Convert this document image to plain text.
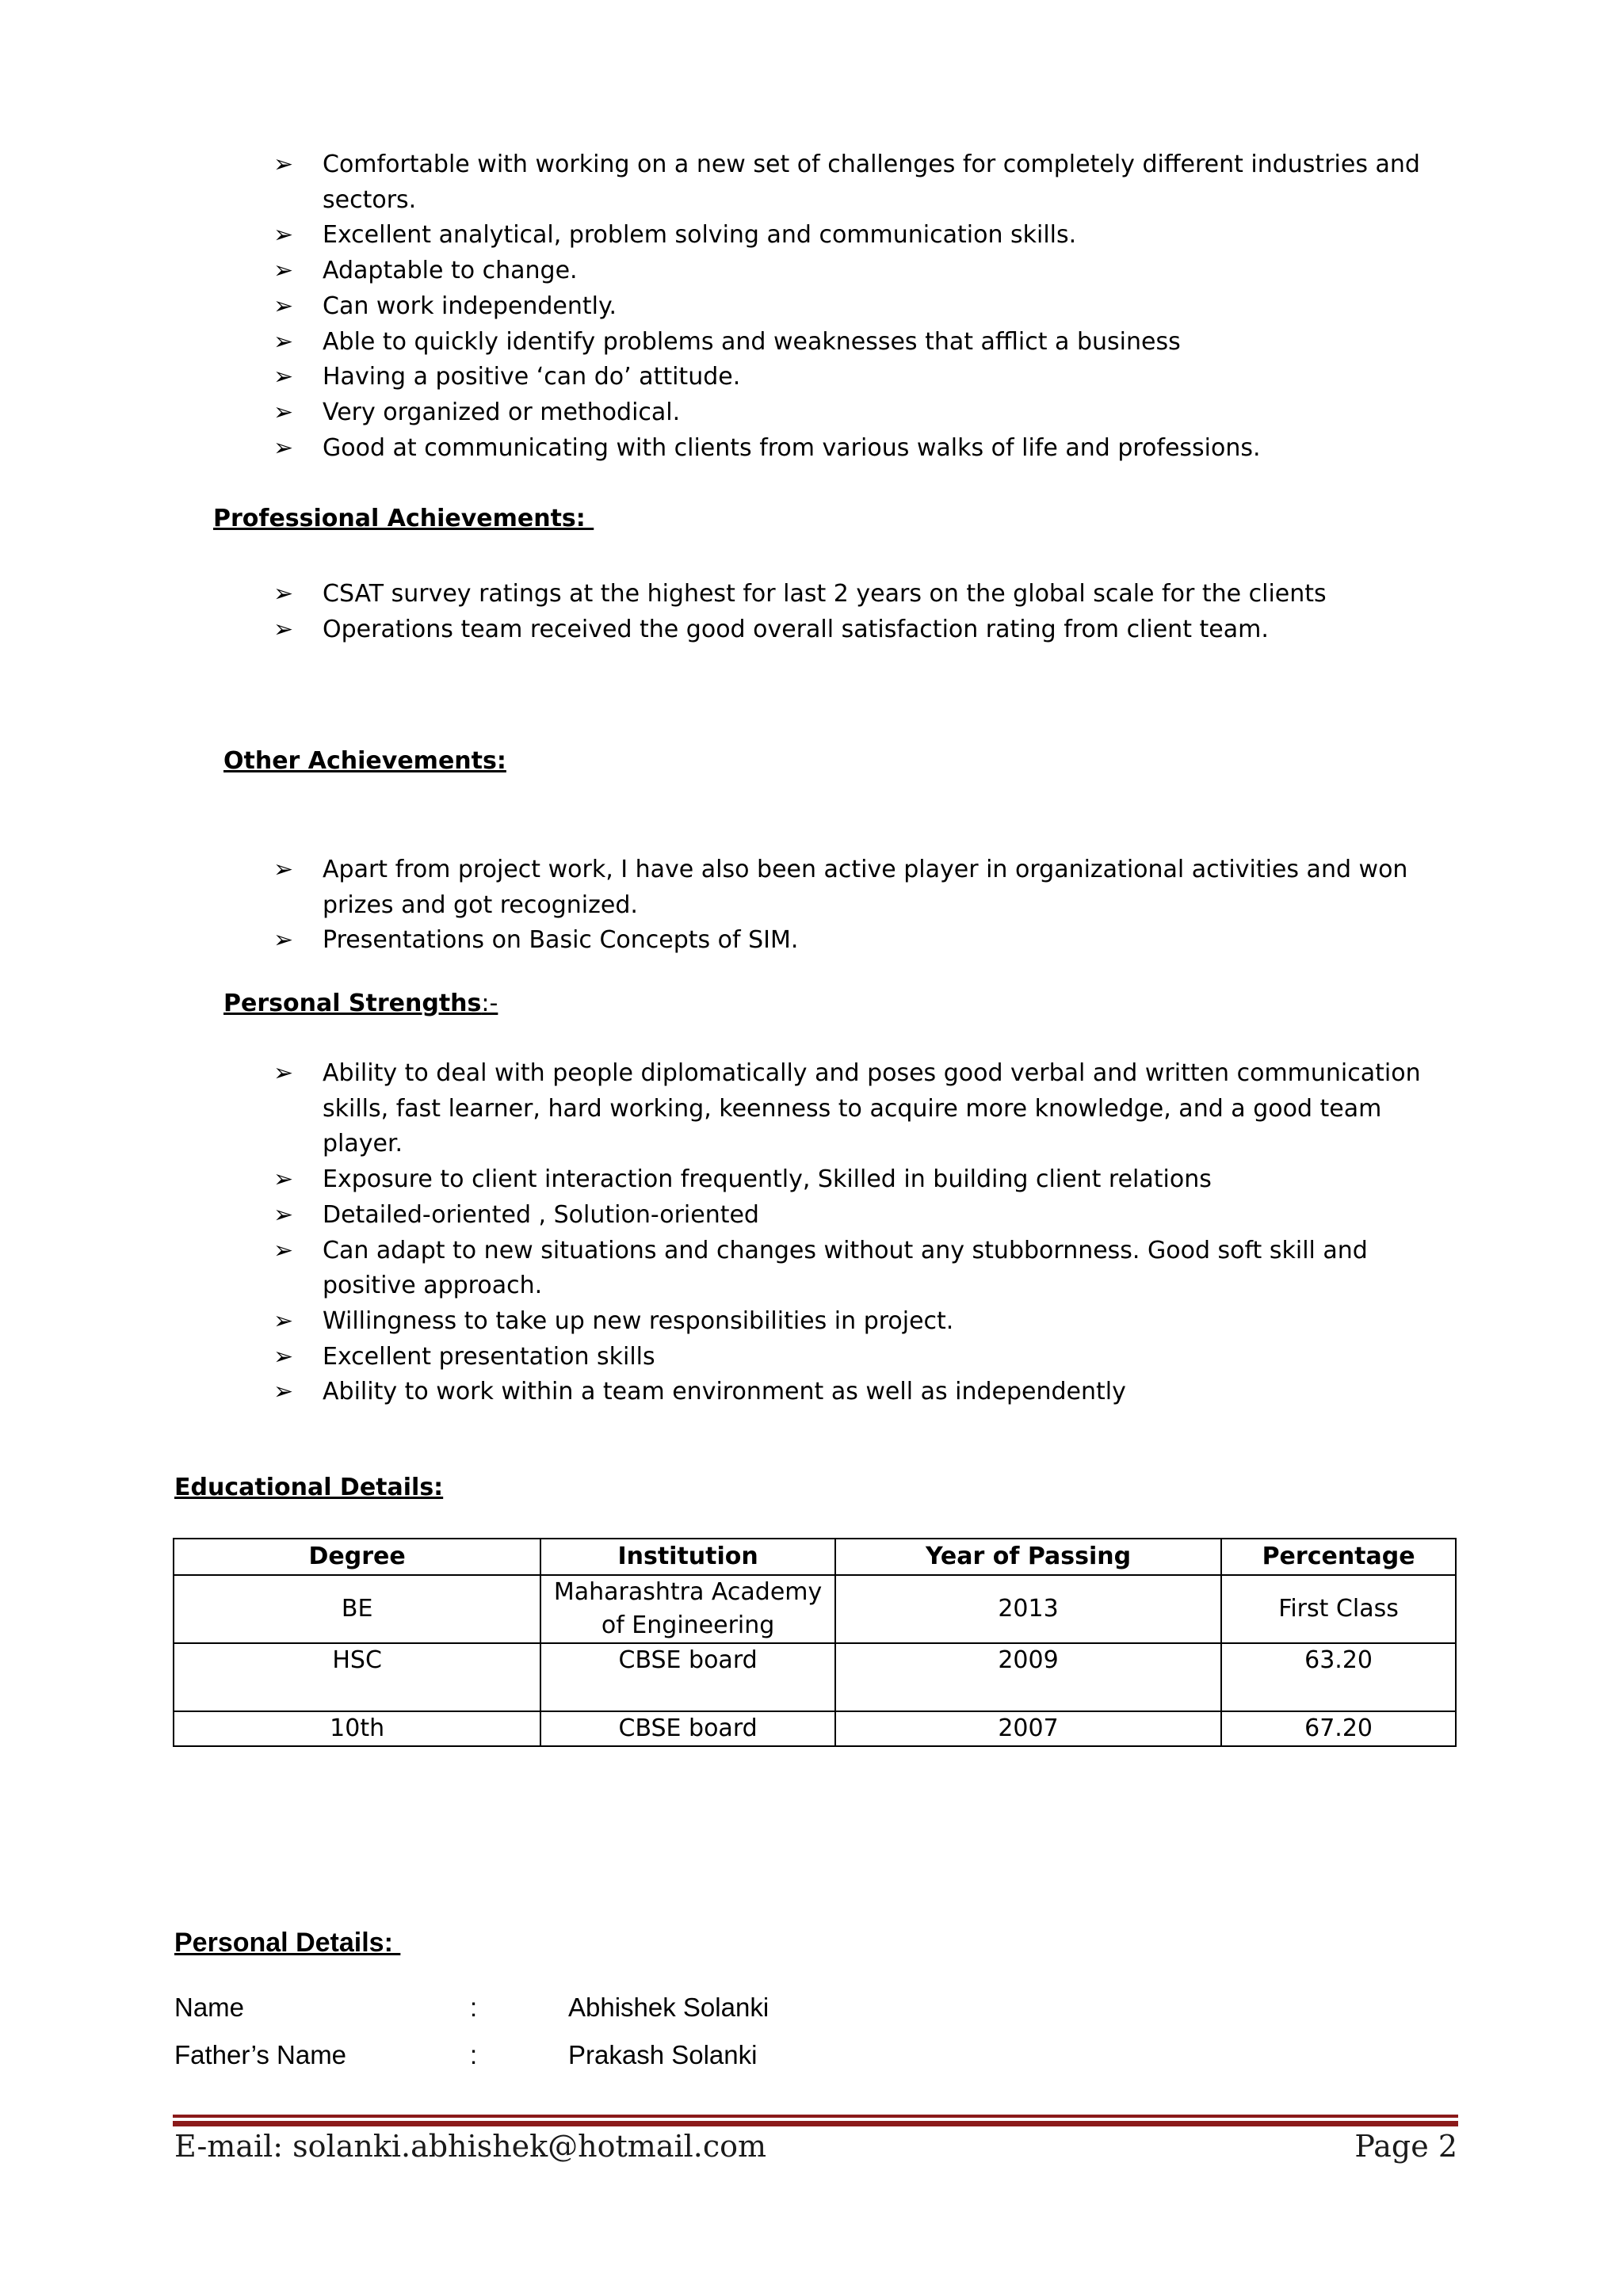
➢ Comfortable with working on a new set of challenges for completely different industries and sectors.
➢ Excellent analytical, problem solving and communication skills.
➢ Adaptable to change.
➢ Can work independently.
➢ Able to quickly identify problems and weaknesses that afflict a business
➢ Having a positive ‘can do’ attitude.
➢ Very organized or methodical.
➢ Good at communicating with clients from various walks of life and professions.
Professional Achievements:
➢ CSAT survey ratings at the highest for last 2 years on the global scale for the clients
➢ Operations team received the good overall satisfaction rating from client team.
Other Achievements:
➢ Apart from project work, I have also been active player in organizational activities and won prizes and got recognized.
➢ Presentations on Basic Concepts of SIM.
Personal Strengths:-
➢ Ability to deal with people diplomatically and poses good verbal and written communication skills, fast learner, hard working, keenness to acquire more knowledge, and a good team player.
➢ Exposure to client interaction frequently, Skilled in building client relations
➢ Detailed-oriented , Solution-oriented
➢ Can adapt to new situations and changes without any stubbornness. Good soft skill and positive approach.
➢ Willingness to take up new responsibilities in project.
➢ Excellent presentation skills
➢ Ability to work within a team environment as well as independently
Educational Details:
Degree	Institution	Year of Passing	Percentage
BE	Maharashtra Academy of Engineering	2013	First Class
HSC	CBSE board	2009	63.20
10th	CBSE board	2007	67.20
Personal Details:
Name	:	Abhishek Solanki
Father’s Name	:	Prakash Solanki
E-mail: solanki.abhishek@hotmail.com	Page 2
